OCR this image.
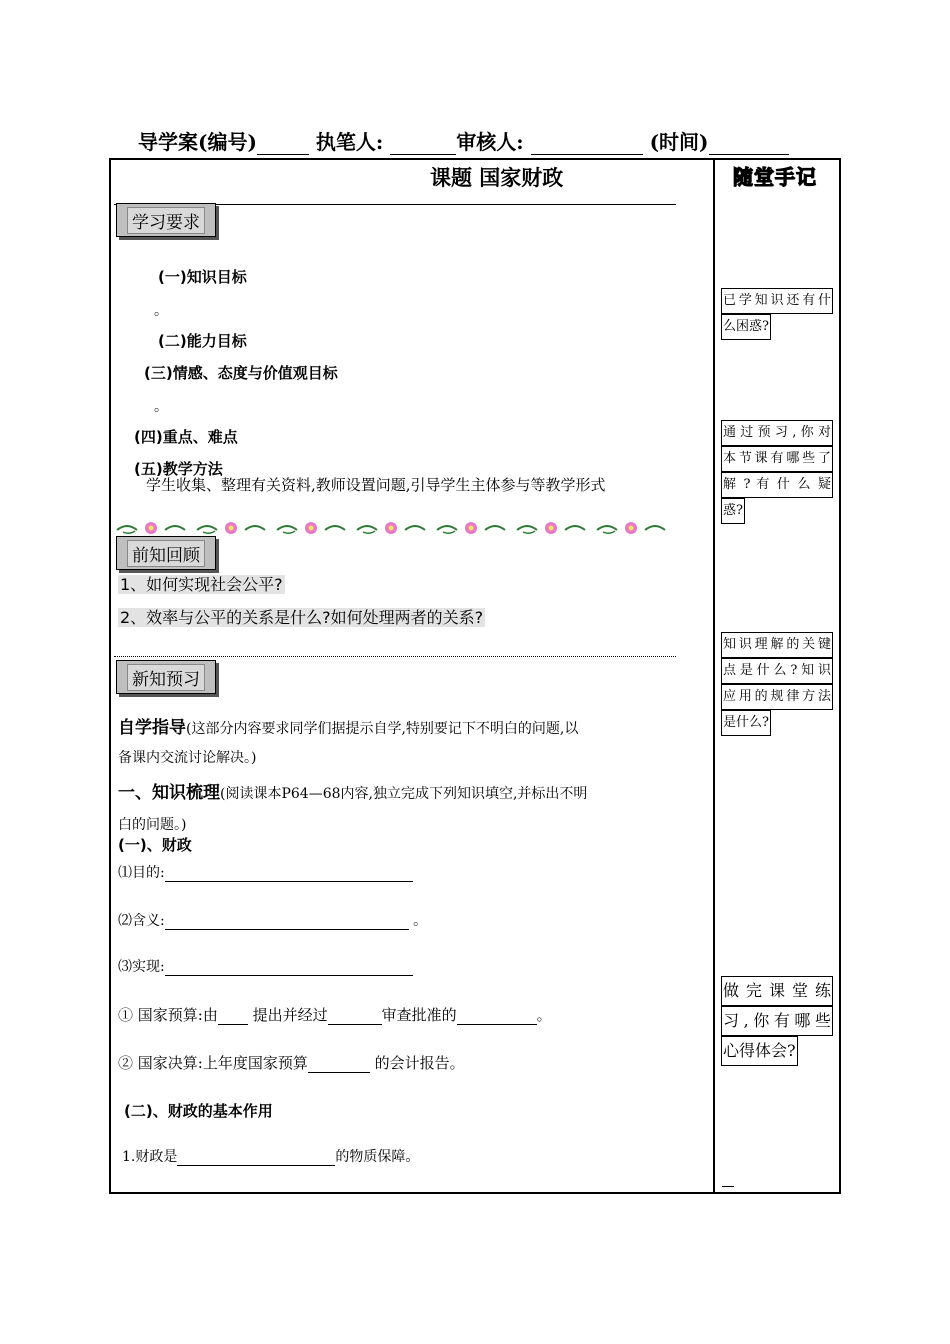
导学案(编号)	执笔人:	审核人:	(时间)
课题 国家财政	随堂手记
学习要求
(一)知识目标
。
(二)能力目标
(三)情感、态度与价值观目标
。
(四)重点、难点
(五)教学方法
学生收集、整理有关资料,教师设置问题,引导学生主体参与等教学形式
前知回顾
1、如何实现社会公平?
2、效率与公平的关系是什么?如何处理两者的关系?
新知预习
自学指导(这部分内容要求同学们据提示自学,特别要记下不明白的问题,以
备课内交流讨论解决。)
一、知识梳理(阅读课本P64—68内容,独立完成下列知识填空,并标出不明
白的问题。)
(一)、财政
⑴目的:
⑵含义:	。
⑶实现:
① 国家预算:由 提出并经过	审查批准的	。
② 国家决算:上年度国家预算	的会计报告。
(二)、财政的基本作用
1.财政是	的物质保障。
已学知识还有什
么困惑?
通过预习,你对
本节课有哪些了
解 ? 有 什 么 疑
惑?
知识理解的关键
点是什么?知识
应用的规律方法
是什么?
做 完 课 堂 练
习,你有哪些
心得体会?
